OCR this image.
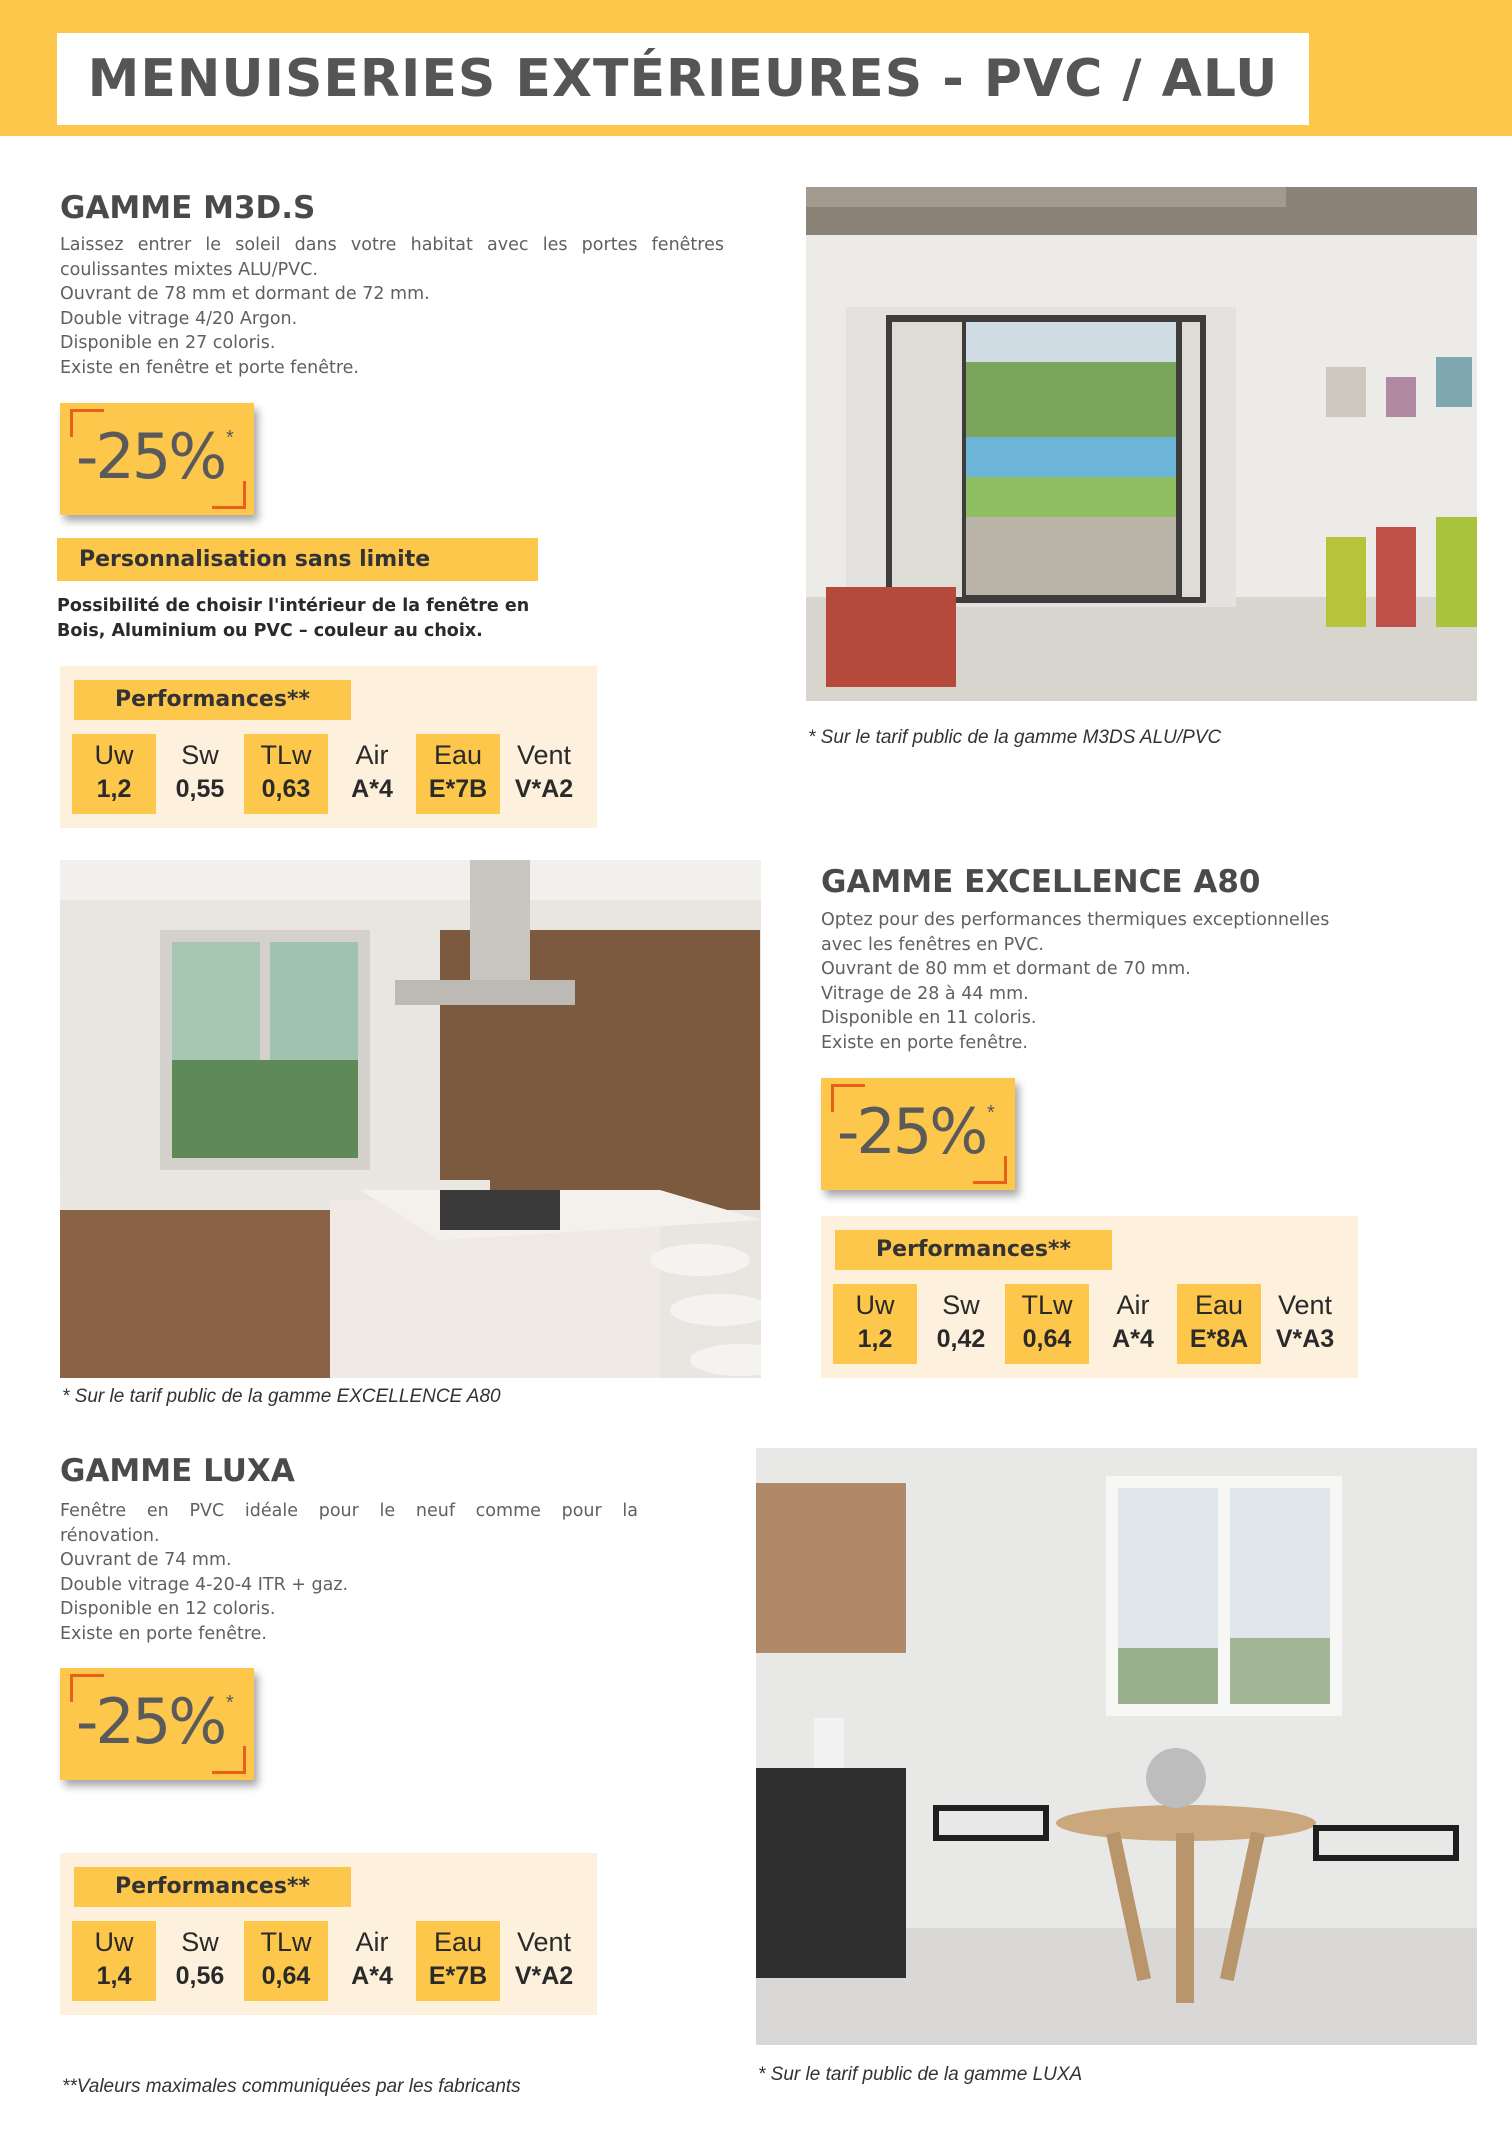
MENUISERIES EXTÉRIEURES - PVC / ALU
GAMME M3D.S
Laissez entrer le soleil dans votre habitat avec les portes fenêtres
coulissantes mixtes ALU/PVC.
Ouvrant de 78 mm et dormant de 72 mm.
Double vitrage 4/20 Argon.
Disponible en 27 coloris.
Existe en fenêtre et porte fenêtre.
-25% *
Personnalisation sans limite
Possibilité de choisir l'intérieur de la fenêtre en
Bois, Aluminium ou PVC – couleur au choix.
Performances**
Uw
1,2
Sw
0,55
TLw
0,63
Air
A*4
Eau
E*7B
Vent
V*A2
* Sur le tarif public de la gamme M3DS ALU/PVC
* Sur le tarif public de la gamme EXCELLENCE A80
GAMME EXCELLENCE A80
Optez pour des performances thermiques exceptionnelles
avec les fenêtres en PVC.
Ouvrant de 80 mm et dormant de 70 mm.
Vitrage de 28 à 44 mm.
Disponible en 11 coloris.
Existe en porte fenêtre.
-25% *
Performances**
Uw
1,2
Sw
0,42
TLw
0,64
Air
A*4
Eau
E*8A
Vent
V*A3
GAMME LUXA
Fenêtre en PVC idéale pour le neuf comme pour la
rénovation.
Ouvrant de 74 mm.
Double vitrage 4-20-4 ITR + gaz.
Disponible en 12 coloris.
Existe en porte fenêtre.
-25% *
Performances**
Uw
1,4
Sw
0,56
TLw
0,64
Air
A*4
Eau
E*7B
Vent
V*A2
**Valeurs maximales communiquées par les fabricants
* Sur le tarif public de la gamme LUXA
